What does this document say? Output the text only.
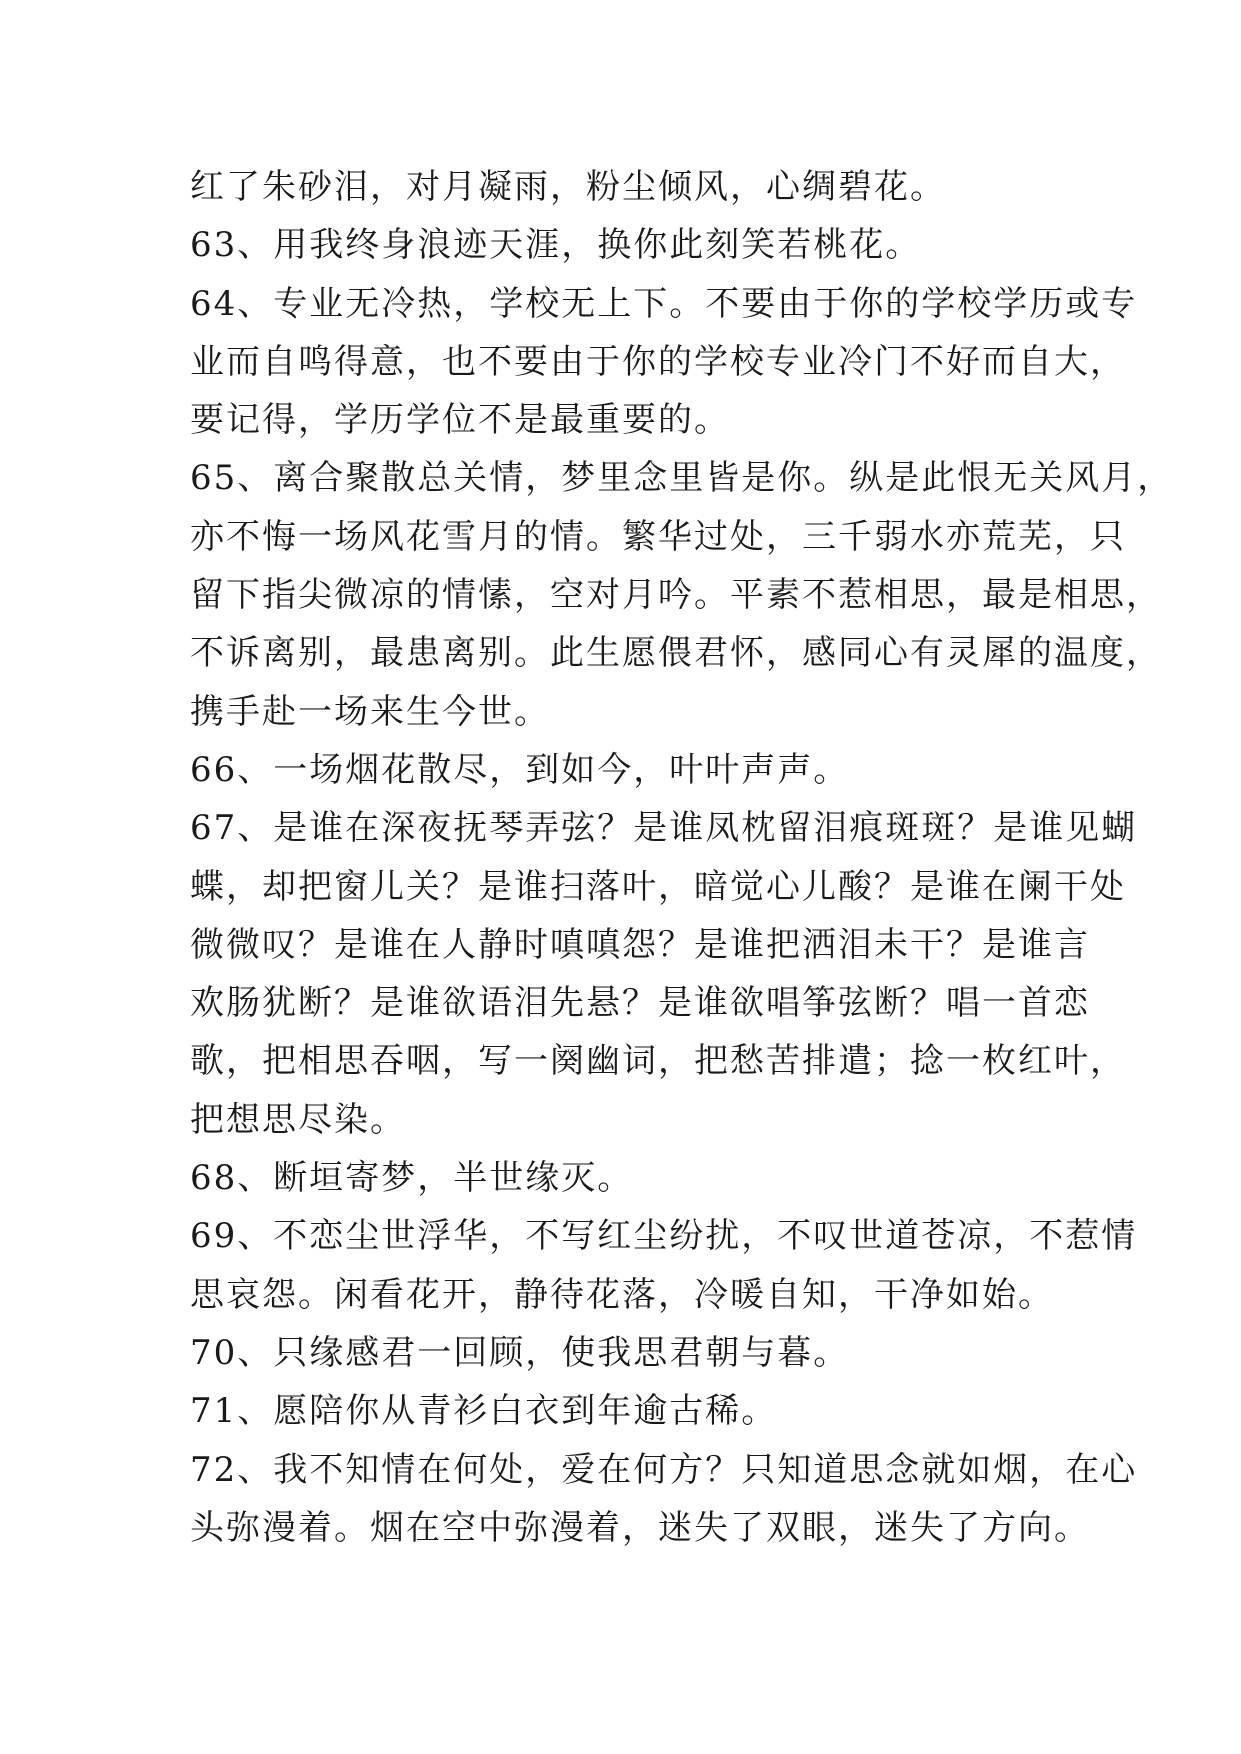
红了朱砂泪，对月凝雨，粉尘倾风，心绸碧花。
63、用我终身浪迹天涯，换你此刻笑若桃花。
64、专业无冷热，学校无上下。不要由于你的学校学历或专
业而自鸣得意，也不要由于你的学校专业冷门不好而自大，
要记得，学历学位不是最重要的。
65、离合聚散总关情，梦里念里皆是你。纵是此恨无关风月，
亦不悔一场风花雪月的情。繁华过处，三千弱水亦荒芜，只
留下指尖微凉的情愫，空对月吟。平素不惹相思，最是相思，
不诉离别，最患离别。此生愿偎君怀，感同心有灵犀的温度，
携手赴一场来生今世。
66、一场烟花散尽，到如今，叶叶声声。
67、是谁在深夜抚琴弄弦？是谁凤枕留泪痕斑斑？是谁见蝴
蝶，却把窗儿关？是谁扫落叶，暗觉心儿酸？是谁在阑干处
微微叹？是谁在人静时嗔嗔怨？是谁把洒泪未干？是谁言
欢肠犹断？是谁欲语泪先悬？是谁欲唱筝弦断？唱一首恋
歌，把相思吞咽，写一阕幽词，把愁苦排遣；捻一枚红叶，
把想思尽染。
68、断垣寄梦，半世缘灭。
69、不恋尘世浮华，不写红尘纷扰，不叹世道苍凉，不惹情
思哀怨。闲看花开，静待花落，冷暖自知，干净如始。
70、只缘感君一回顾，使我思君朝与暮。
71、愿陪你从青衫白衣到年逾古稀。
72、我不知情在何处，爱在何方？只知道思念就如烟，在心
头弥漫着。烟在空中弥漫着，迷失了双眼，迷失了方向。
